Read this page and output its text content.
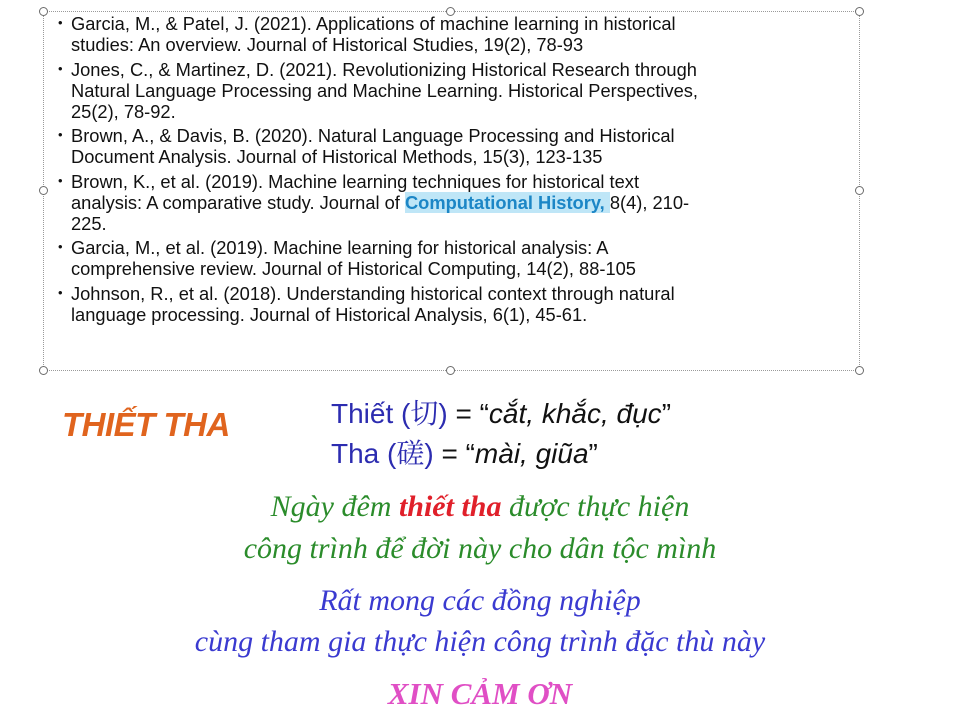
• Garcia, M., & Patel, J. (2021). Applications of machine learning in historical
studies: An overview. Journal of Historical Studies, 19(2), 78-93
• Jones, C., & Martinez, D. (2021). Revolutionizing Historical Research through
Natural Language Processing and Machine Learning. Historical Perspectives,
25(2), 78-92.
• Brown, A., & Davis, B. (2020). Natural Language Processing and Historical
Document Analysis. Journal of Historical Methods, 15(3), 123-135
• Brown, K., et al. (2019). Machine learning techniques for historical text
analysis: A comparative study. Journal of Computational History, 8(4), 210-
225.
• Garcia, M., et al. (2019). Machine learning for historical analysis: A
comprehensive review. Journal of Historical Computing, 14(2), 88-105
• Johnson, R., et al. (2018). Understanding historical context through natural
language processing. Journal of Historical Analysis, 6(1), 45-61.
THIẾT THA	Thiết (切) = “cắt, khắc, đục”
Tha (磋) = “mài, giũa”
Ngày đêm thiết tha được thực hiện
công trình để đời này cho dân tộc mình
Rất mong các đồng nghiệp
cùng tham gia thực hiện công trình đặc thù này
XIN CẢM ƠN
